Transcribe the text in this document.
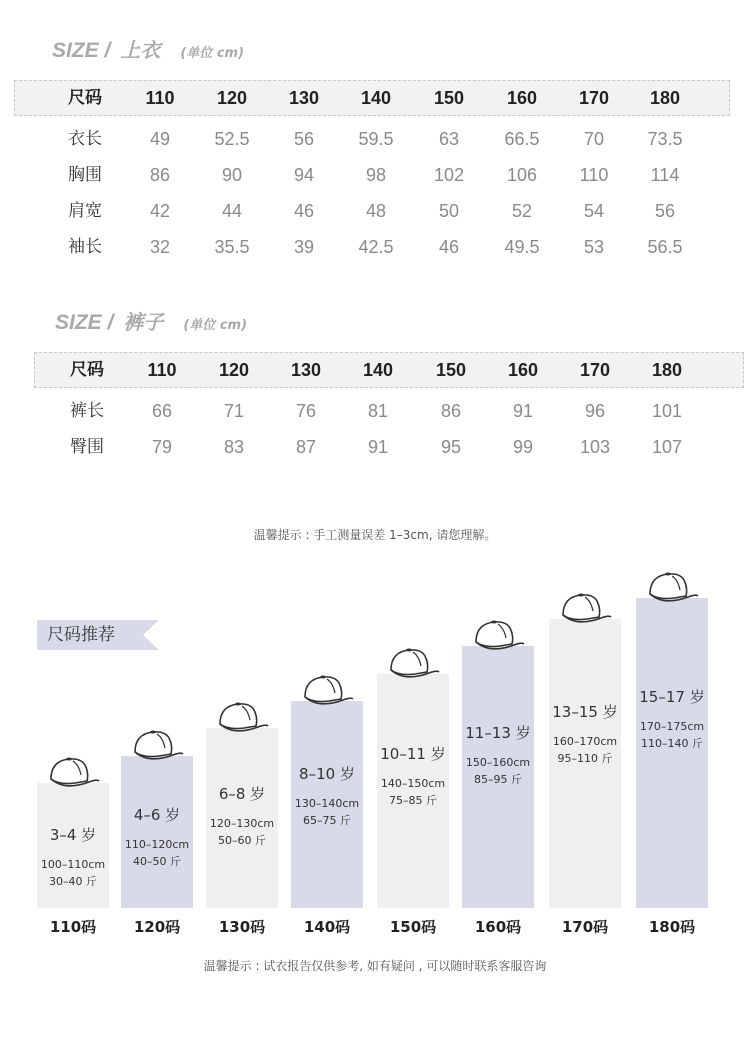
SIZE / 上衣 (单位 cm)
尺码	110	120	130	140	150	160	170	180
衣长	49	52.5	56	59.5	63	66.5	70	73.5
胸围	86	90	94	98	102	106	110	114
肩宽	42	44	46	48	50	52	54	56
袖长	32	35.5	39	42.5	46	49.5	53	56.5
SIZE / 裤子 (单位 cm)
尺码	110	120	130	140	150	160	170	180
裤长	66	71	76	81	86	91	96	101
臀围	79	83	87	91	95	99	103	107
温馨提示 : 手工测量误差 1–3cm, 请您理解。
尺码推荐
3–4 岁
100–110cm
30–40 斤
110码
4–6 岁
110–120cm
40–50 斤
120码
6–8 岁
120–130cm
50–60 斤
130码
8–10 岁
130–140cm
65–75 斤
140码
10–11 岁
140–150cm
75–85 斤
150码
11–13 岁
150–160cm
85–95 斤
160码
13–15 岁
160–170cm
95–110 斤
170码
15–17 岁
170–175cm
110–140 斤
180码
温馨提示 : 试衣报告仅供参考, 如有疑问 , 可以随时联系客服咨询
